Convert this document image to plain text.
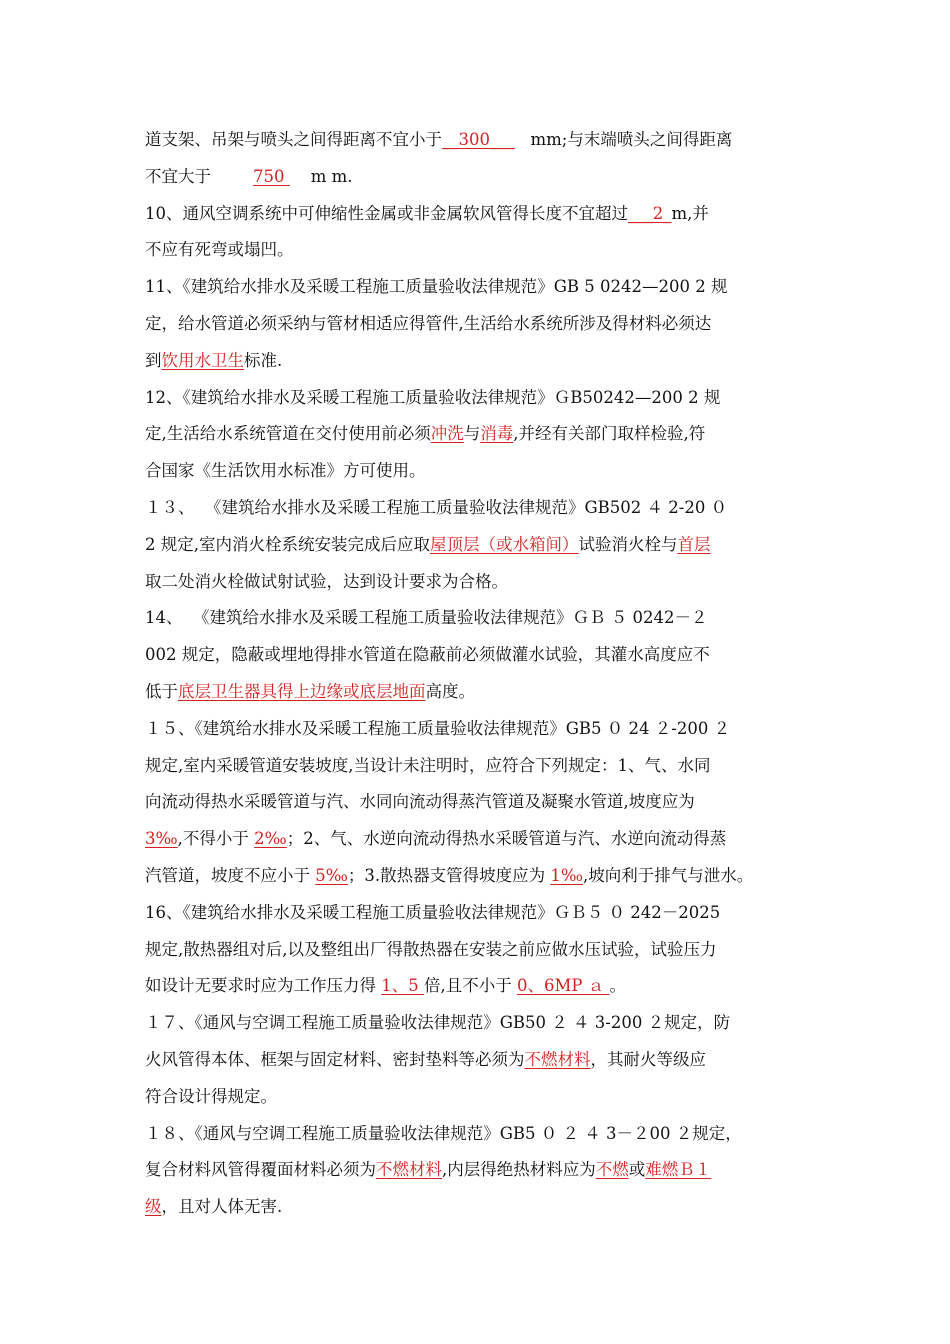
道支架、吊架与喷头之间得距离不宜小于__300___   mm;与末端喷头之间得距离
不宜大于        750     m m.
10、通风空调系统中可伸缩性金属或非金属软风管得长度不宜超过___2_m,并
不应有死弯或塌凹。
11、《建筑给水排水及采暖工程施工质量验收法律规范》GB 5 0242—200 2 规
定，给水管道必须采纳与管材相适应得管件,生活给水系统所涉及得材料必须达
到饮用水卫生标准.
12、《建筑给水排水及采暖工程施工质量验收法律规范》ＧB50242—200 2 规
定,生活给水系统管道在交付使用前必须冲洗与消毒,并经有关部门取样检验,符
合国家《生活饮用水标准》方可使用。
１３、  《建筑给水排水及采暖工程施工质量验收法律规范》GB502 ４ 2-20 ０
2 规定,室内消火栓系统安装完成后应取屋顶层（或水箱间）试验消火栓与首层
取二处消火栓做试射试验，达到设计要求为合格。
14、  《建筑给水排水及采暖工程施工质量验收法律规范》ＧＢ ５ 0242－２
002 规定，隐蔽或埋地得排水管道在隐蔽前必须做灌水试验，其灌水高度应不
低于底层卫生器具得上边缘或底层地面高度。
１５、《建筑给水排水及采暖工程施工质量验收法律规范》GB5 ０ 24 ２-200 ２
规定,室内采暖管道安装坡度,当设计未注明时，应符合下列规定：1、气、水同
向流动得热水采暖管道与汽、水同向流动得蒸汽管道及凝聚水管道,坡度应为
3‰,不得小于 2‰；2、气、水逆向流动得热水采暖管道与汽、水逆向流动得蒸
汽管道，坡度不应小于 5‰；3.散热器支管得坡度应为 1‰,坡向利于排气与泄水。
16、《建筑给水排水及采暖工程施工质量验收法律规范》ＧＢ５ ０ 242－2025
规定,散热器组对后,以及整组出厂得散热器在安装之前应做水压试验，试验压力
如设计无要求时应为工作压力得 1、5 倍,且不小于 0、6MP ａ 。
１７、《通风与空调工程施工质量验收法律规范》GB50 ２ ４ 3-200 ２规定，防
火风管得本体、框架与固定材料、密封垫料等必须为不燃材料，其耐火等级应
符合设计得规定。
１８、《通风与空调工程施工质量验收法律规范》GB5 ０ ２ ４ 3－２00 ２规定，
复合材料风管得覆面材料必须为不燃材料,内层得绝热材料应为不燃或难燃Ｂ１
级，且对人体无害.
